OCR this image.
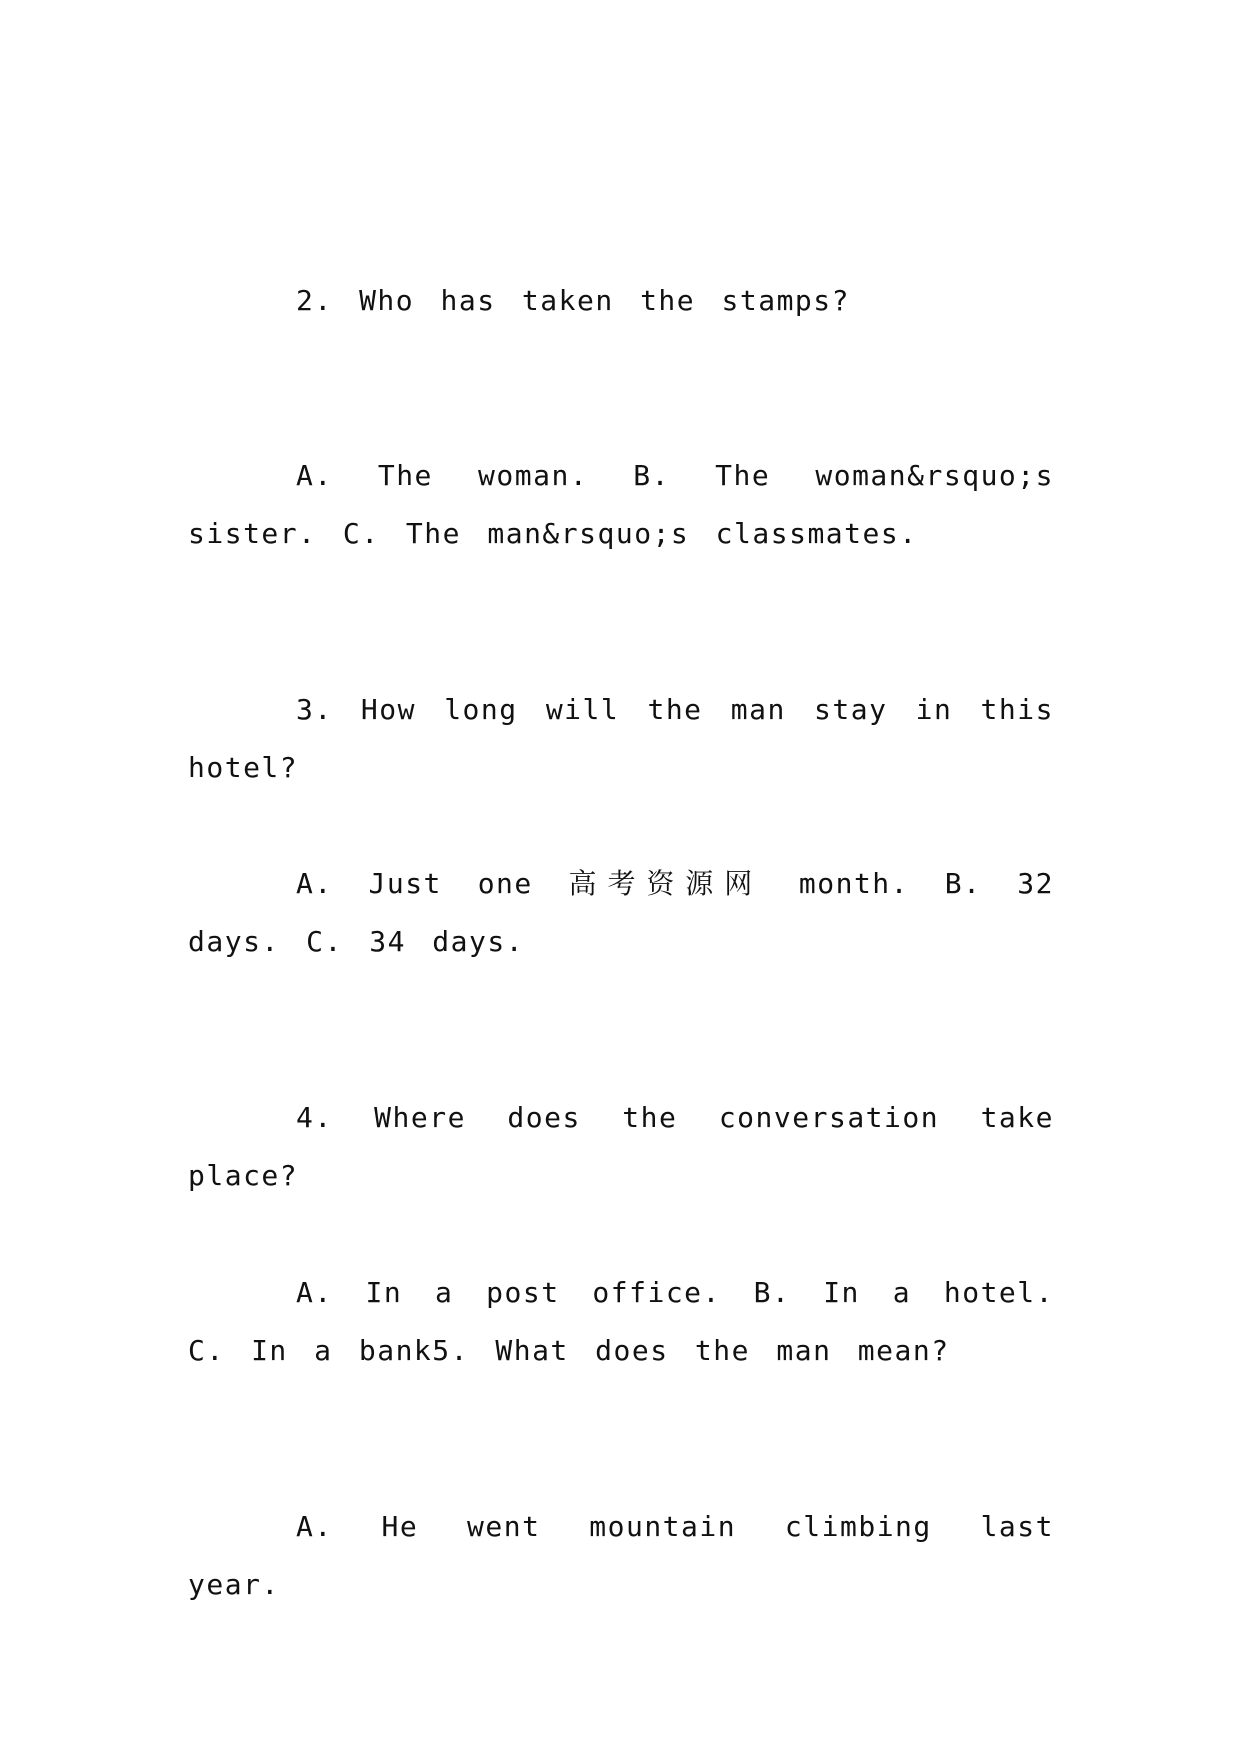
2. Who has taken the stamps?

A. The woman. B. The woman&rsquo;s sister. C. The man&rsquo;s classmates.

3. How long will the man stay in this hotel?

A. Just one 高考资源网 month. B. 32 days. C. 34 days.

4. Where does the conversation take place?

A. In a post office. B. In a hotel. C. In a bank5. What does the man mean?

A. He went mountain climbing last year.
